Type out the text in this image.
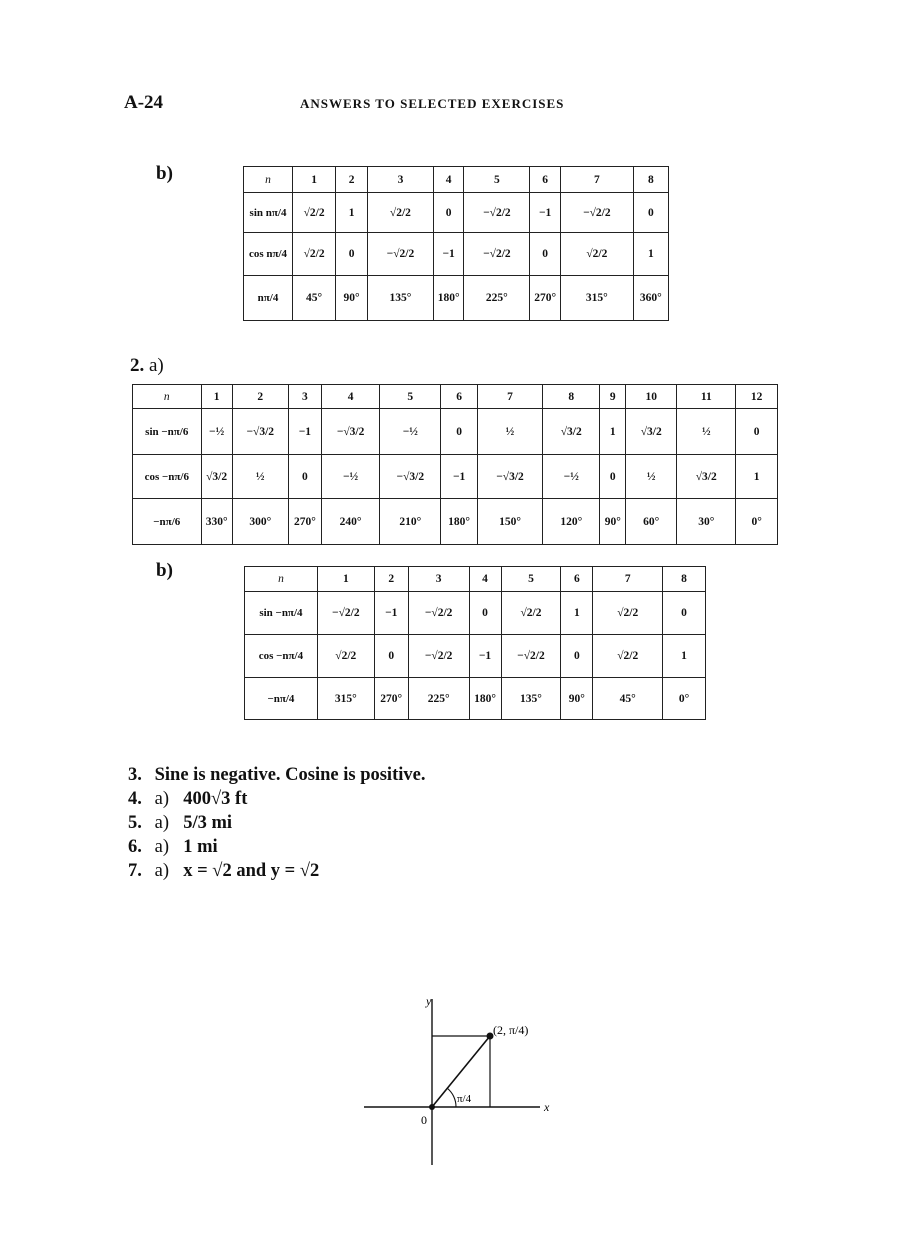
A-24	ANSWERS TO SELECTED EXERCISES
b)	n	1	2	3	4	5	6	7	8
sin nπ/4	√2/2	1	√2/2	0	−√2/2	−1	−√2/2	0
cos nπ/4	√2/2	0	−√2/2	−1	−√2/2	0	√2/2	1
nπ/4	45°	90°	135°	180°	225°	270°	315°	360°
2. a)
n	1	2	3	4	5	6	7	8	9	10	11	12
sin −nπ/6	−½	−√3/2	−1	−√3/2	−½	0	½	√3/2	1	√3/2	½	0
cos −nπ/6	√3/2	½	0	−½	−√3/2	−1	−√3/2	−½	0	½	√3/2	1
−nπ/6	330°	300°	270°	240°	210°	180°	150°	120°	90°	60°	30°	0°
b)	n	1	2	3	4	5	6	7	8
sin −nπ/4	−√2/2	−1	−√2/2	0	√2/2	1	√2/2	0
cos −nπ/4	√2/2	0	−√2/2	−1	−√2/2	0	√2/2	1
−nπ/4	315°	270°	225°	180°	135°	90°	45°	0°
3. Sine is negative. Cosine is positive.
4. a) 400√3 ft
5. a) 5/3 mi
6. a) 1 mi
7. a) x = √2 and y = √2
y
x
0
(2, π/4)
π/4
